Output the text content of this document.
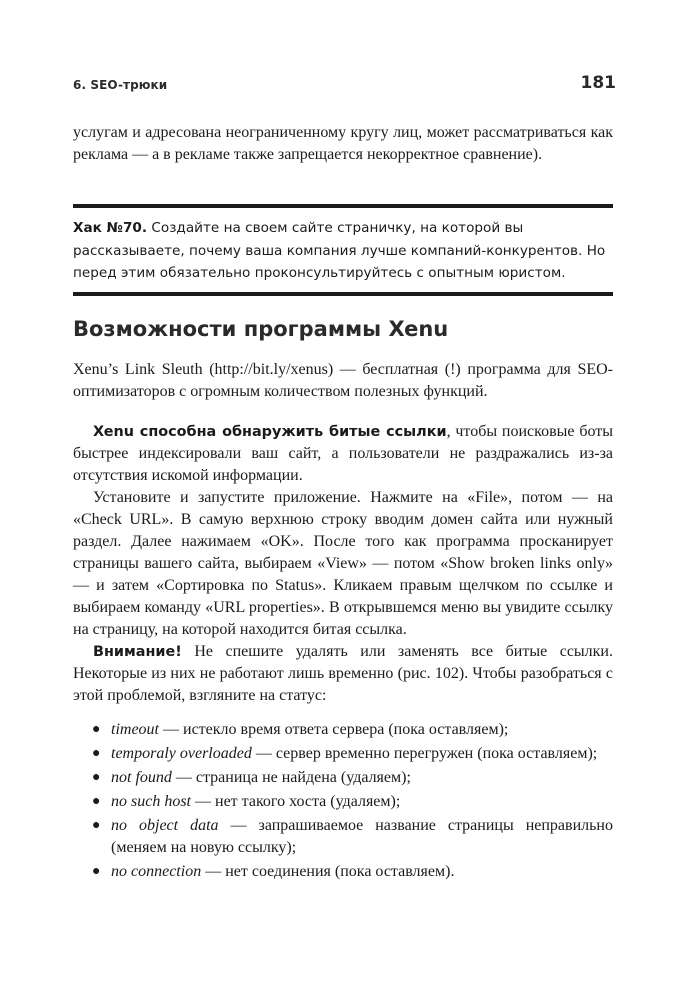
6. SEO-трюки	181

услугам и адресована неограниченному кругу лиц, может рассматриваться как реклама — а в рекламе также запрещается некорректное сравнение).

Хак №70. Создайте на своем сайте страничку, на которой вы рассказываете, почему ваша компания лучше компаний-конкурентов. Но перед этим обязательно проконсультируйтесь с опытным юристом.

Возможности программы Xenu

Xenu’s Link Sleuth (http://bit.ly/xenus) — бесплатная (!) программа для SEO-оптимизаторов с огромным количеством полезных функций.

Xenu способна обнаружить битые ссылки, чтобы поисковые боты быстрее индексировали ваш сайт, а пользователи не раздражались из-за отсутствия искомой информации.

Установите и запустите приложение. Нажмите на «File», потом — на «Check URL». В самую верхнюю строку вводим домен сайта или нужный раздел. Далее нажимаем «OK». После того как программа просканирует страницы вашего сайта, выбираем «View» — потом «Show broken links only» — и затем «Сортировка по Status». Кликаем правым щелчком по ссылке и выбираем команду «URL properties». В открывшемся меню вы увидите ссылку на страницу, на которой находится битая ссылка.

Внимание! Не спешите удалять или заменять все битые ссылки. Некоторые из них не работают лишь временно (рис. 102). Чтобы разобраться с этой проблемой, взгляните на статус:

● timeout — истекло время ответа сервера (пока оставляем);
● temporaly overloaded — сервер временно перегружен (пока оставляем);
● not found — страница не найдена (удаляем);
● no such host — нет такого хоста (удаляем);
● no object data — запрашиваемое название страницы неправильно (меняем на новую ссылку);
● no connection — нет соединения (пока оставляем).
